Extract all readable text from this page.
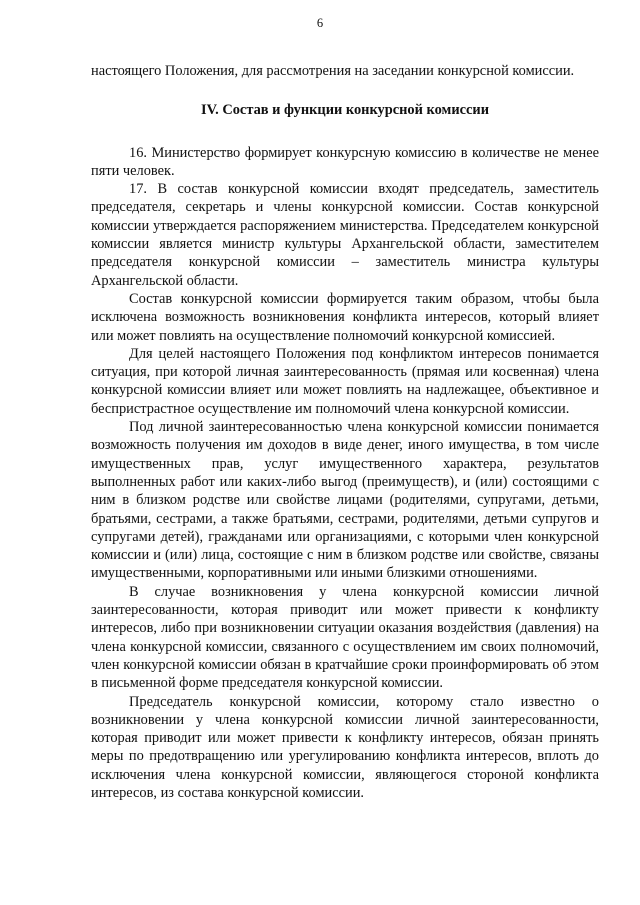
6

настоящего Положения, для рассмотрения на заседании конкурсной комиссии.

IV. Состав и функции конкурсной комиссии

16. Министерство формирует конкурсную комиссию в количестве не менее пяти человек.

17. В состав конкурсной комиссии входят председатель, заместитель председателя, секретарь и члены конкурсной комиссии. Состав конкурсной комиссии утверждается распоряжением министерства. Председателем конкурсной комиссии является министр культуры Архангельской области, заместителем председателя конкурсной комиссии – заместитель министра культуры Архангельской области.

Состав конкурсной комиссии формируется таким образом, чтобы была исключена возможность возникновения конфликта интересов, который влияет или может повлиять на осуществление полномочий конкурсной комиссией.

Для целей настоящего Положения под конфликтом интересов понимается ситуация, при которой личная заинтересованность (прямая или косвенная) члена конкурсной комиссии влияет или может повлиять на надлежащее, объективное и беспристрастное осуществление им полномочий члена конкурсной комиссии.

Под личной заинтересованностью члена конкурсной комиссии понимается возможность получения им доходов в виде денег, иного имущества, в том числе имущественных прав, услуг имущественного характера, результатов выполненных работ или каких-либо выгод (преимуществ), и (или) состоящими с ним в близком родстве или свойстве лицами (родителями, супругами, детьми, братьями, сестрами, а также братьями, сестрами, родителями, детьми супругов и супругами детей), гражданами или организациями, с которыми член конкурсной комиссии и (или) лица, состоящие с ним в близком родстве или свойстве, связаны имущественными, корпоративными или иными близкими отношениями.

В случае возникновения у члена конкурсной комиссии личной заинтересованности, которая приводит или может привести к конфликту интересов, либо при возникновении ситуации оказания воздействия (давления) на члена конкурсной комиссии, связанного с осуществлением им своих полномочий, член конкурсной комиссии обязан в кратчайшие сроки проинформировать об этом в письменной форме председателя конкурсной комиссии.

Председатель конкурсной комиссии, которому стало известно о возникновении у члена конкурсной комиссии личной заинтересованности, которая приводит или может привести к конфликту интересов, обязан принять меры по предотвращению или урегулированию конфликта интересов, вплоть до исключения члена конкурсной комиссии, являющегося стороной конфликта интересов, из состава конкурсной комиссии.
